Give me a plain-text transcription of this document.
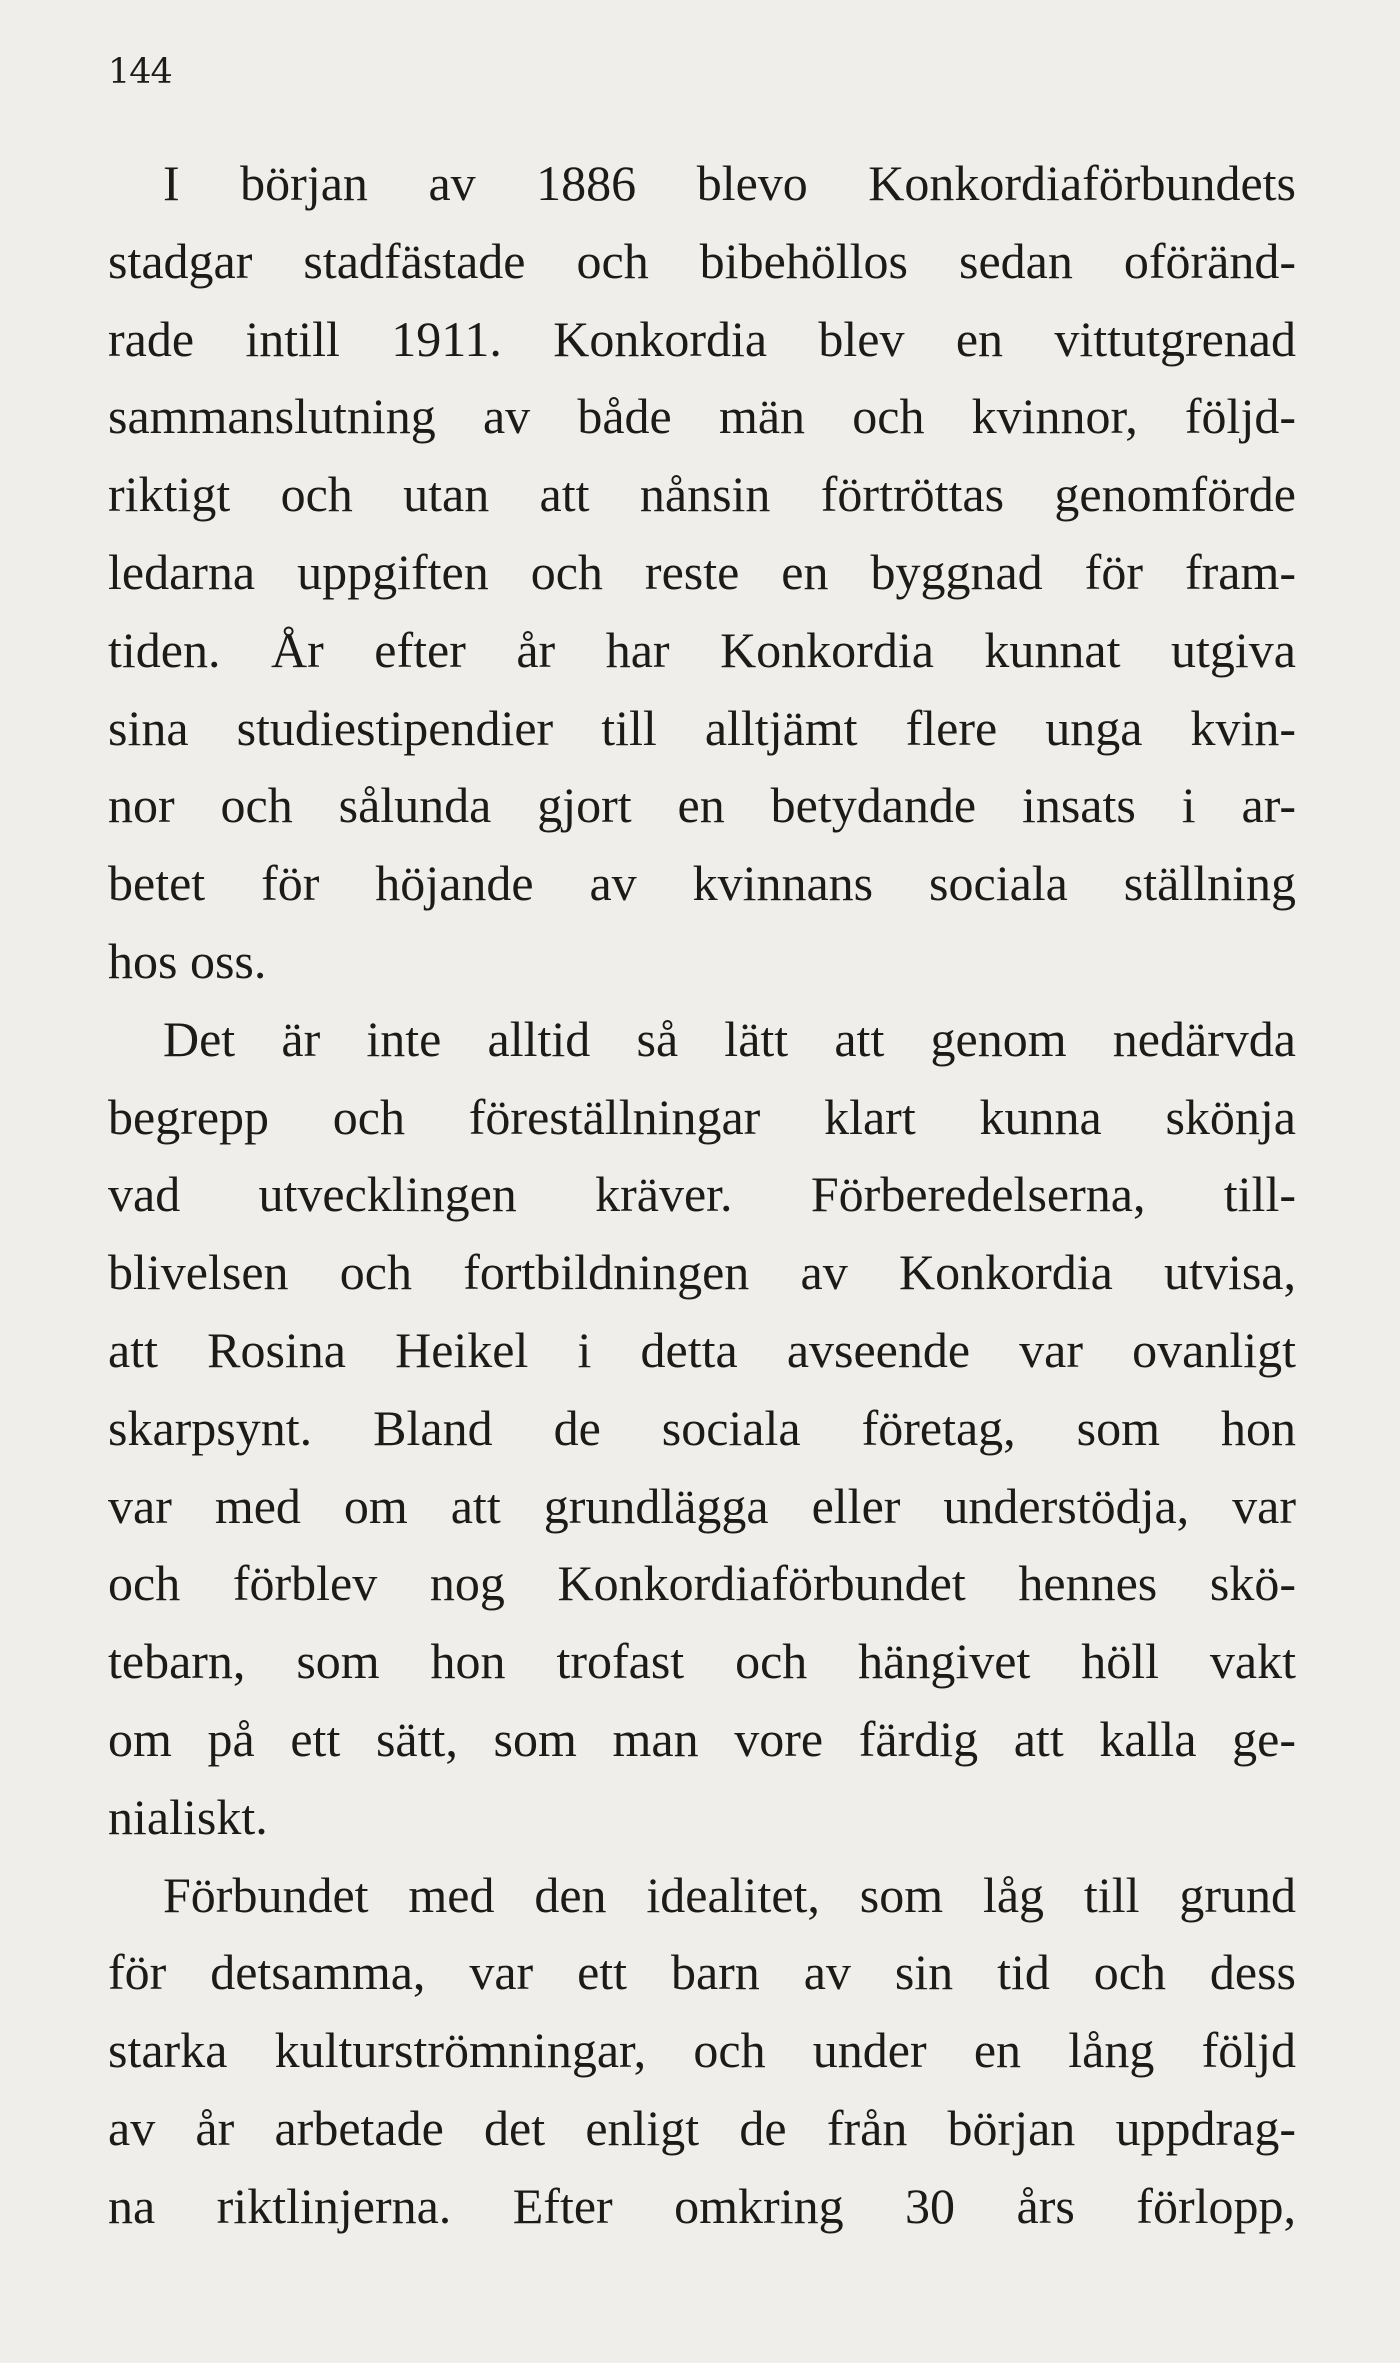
144
I början av 1886 blevo Konkordiaförbundets
stadgar stadfästade och bibehöllos sedan oföränd-
rade intill 1911. Konkordia blev en vittutgrenad
sammanslutning av både män och kvinnor, följd-
riktigt och utan att nånsin förtröttas genomförde
ledarna uppgiften och reste en byggnad för fram-
tiden. År efter år har Konkordia kunnat utgiva
sina studiestipendier till alltjämt flere unga kvin-
nor och sålunda gjort en betydande insats i ar-
betet för höjande av kvinnans sociala ställning
hos oss.
Det är inte alltid så lätt att genom nedärvda
begrepp och föreställningar klart kunna skönja
vad utvecklingen kräver. Förberedelserna, till-
blivelsen och fortbildningen av Konkordia utvisa,
att Rosina Heikel i detta avseende var ovanligt
skarpsynt. Bland de sociala företag, som hon
var med om att grundlägga eller understödja, var
och förblev nog Konkordiaförbundet hennes skö-
tebarn, som hon trofast och hängivet höll vakt
om på ett sätt, som man vore färdig att kalla ge-
nialiskt.
Förbundet med den idealitet, som låg till grund
för detsamma, var ett barn av sin tid och dess
starka kulturströmningar, och under en lång följd
av år arbetade det enligt de från början uppdrag-
na riktlinjerna. Efter omkring 30 års förlopp,
